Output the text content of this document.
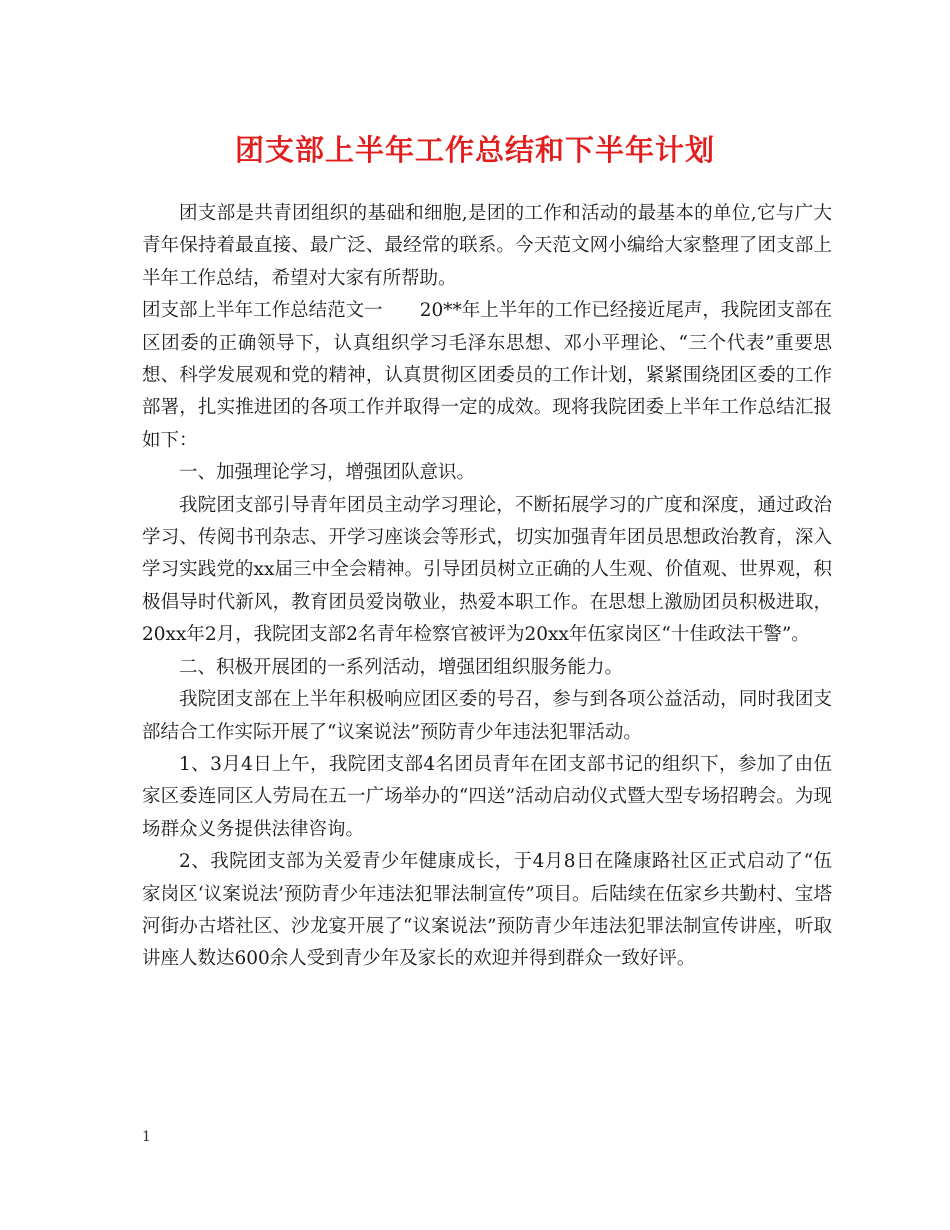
团支部上半年工作总结和下半年计划

团支部是共青团组织的基础和细胞,是团的工作和活动的最基本的单位,它与广大青年保持着最直接、最广泛、最经常的联系。今天范文网小编给大家整理了团支部上半年工作总结，希望对大家有所帮助。

团支部上半年工作总结范文一　　20**年上半年的工作已经接近尾声，我院团支部在区团委的正确领导下，认真组织学习毛泽东思想、邓小平理论、“三个代表”重要思想、科学发展观和党的精神，认真贯彻区团委员的工作计划，紧紧围绕团区委的工作部署，扎实推进团的各项工作并取得一定的成效。现将我院团委上半年工作总结汇报如下：

一、加强理论学习，增强团队意识。

我院团支部引导青年团员主动学习理论，不断拓展学习的广度和深度，通过政治学习、传阅书刊杂志、开学习座谈会等形式，切实加强青年团员思想政治教育，深入学习实践党的xx届三中全会精神。引导团员树立正确的人生观、价值观、世界观，积极倡导时代新风，教育团员爱岗敬业，热爱本职工作。在思想上激励团员积极进取，20xx年2月，我院团支部2名青年检察官被评为20xx年伍家岗区“十佳政法干警”。

二、积极开展团的一系列活动，增强团组织服务能力。

我院团支部在上半年积极响应团区委的号召，参与到各项公益活动，同时我团支部结合工作实际开展了“议案说法”预防青少年违法犯罪活动。

1、3月4日上午，我院团支部4名团员青年在团支部书记的组织下，参加了由伍家区委连同区人劳局在五一广场举办的“四送”活动启动仪式暨大型专场招聘会。为现场群众义务提供法律咨询。

2、我院团支部为关爱青少年健康成长，于4月8日在隆康路社区正式启动了“伍家岗区‘议案说法’预防青少年违法犯罪法制宣传”项目。后陆续在伍家乡共勤村、宝塔河街办古塔社区、沙龙宴开展了“议案说法”预防青少年违法犯罪法制宣传讲座，听取讲座人数达600余人受到青少年及家长的欢迎并得到群众一致好评。

1
